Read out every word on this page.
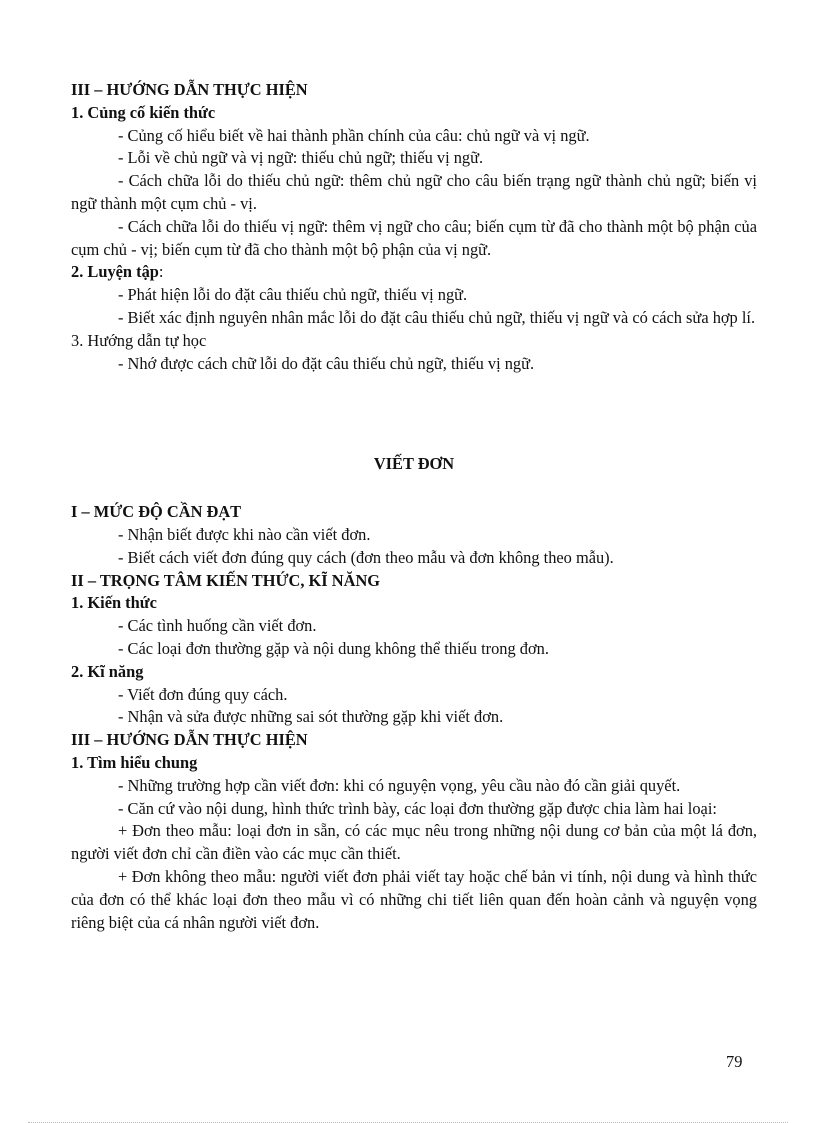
III – HƯỚNG DẪN THỰC HIỆN

1. Củng cố kiến thức

- Củng cố hiểu biết về hai thành phần chính của câu: chủ ngữ và vị ngữ.

- Lỗi về chủ ngữ và vị ngữ: thiếu chủ ngữ; thiếu vị ngữ.

- Cách chữa lỗi do thiếu chủ ngữ: thêm chủ ngữ cho câu biến trạng ngữ thành chủ ngữ; biến vị ngữ thành một cụm chủ - vị.

- Cách chữa lỗi do thiếu vị ngữ: thêm vị ngữ cho câu; biến cụm từ đã cho thành một bộ phận của cụm chủ - vị; biến cụm từ đã cho thành một bộ phận của vị ngữ.

2. Luyện tập:

- Phát hiện lỗi do đặt câu thiếu chủ ngữ, thiếu vị ngữ.

- Biết xác định nguyên nhân mắc lỗi do đặt câu thiếu chủ ngữ, thiếu vị ngữ và có cách sửa hợp lí.

3. Hướng dẫn tự học

- Nhớ được cách chữ lỗi do đặt câu thiếu chủ ngữ, thiếu vị ngữ.

VIẾT ĐƠN

I – MỨC ĐỘ CẦN ĐẠT

- Nhận biết được khi nào cần viết đơn.

- Biết cách viết đơn đúng quy cách (đơn theo mẫu và đơn không theo mẫu).

II – TRỌNG TÂM KIẾN THỨC, KĨ NĂNG

1. Kiến thức

- Các tình huống cần viết đơn.

- Các loại đơn thường gặp và nội dung không thể thiếu trong đơn.

2. Kĩ năng

- Viết đơn đúng quy cách.

- Nhận và sửa được những sai sót thường gặp khi viết đơn.

III – HƯỚNG DẪN THỰC HIỆN

1. Tìm hiểu chung

- Những trường hợp cần viết đơn: khi có nguyện vọng, yêu cầu nào đó cần giải quyết.

- Căn cứ vào nội dung, hình thức trình bày, các loại đơn thường gặp được chia làm hai loại:

+ Đơn theo mẫu: loại đơn in sẵn, có các mục nêu trong những nội dung cơ bản của một lá đơn, người viết đơn chỉ cần điền vào các mục cần thiết.

+ Đơn không theo mẫu: người viết đơn phải viết tay hoặc chế bản vi tính, nội dung và hình thức của đơn có thể khác loại đơn theo mẫu vì có những chi tiết liên quan đến hoàn cảnh và nguyện vọng riêng biệt của cá nhân người viết đơn.

79
